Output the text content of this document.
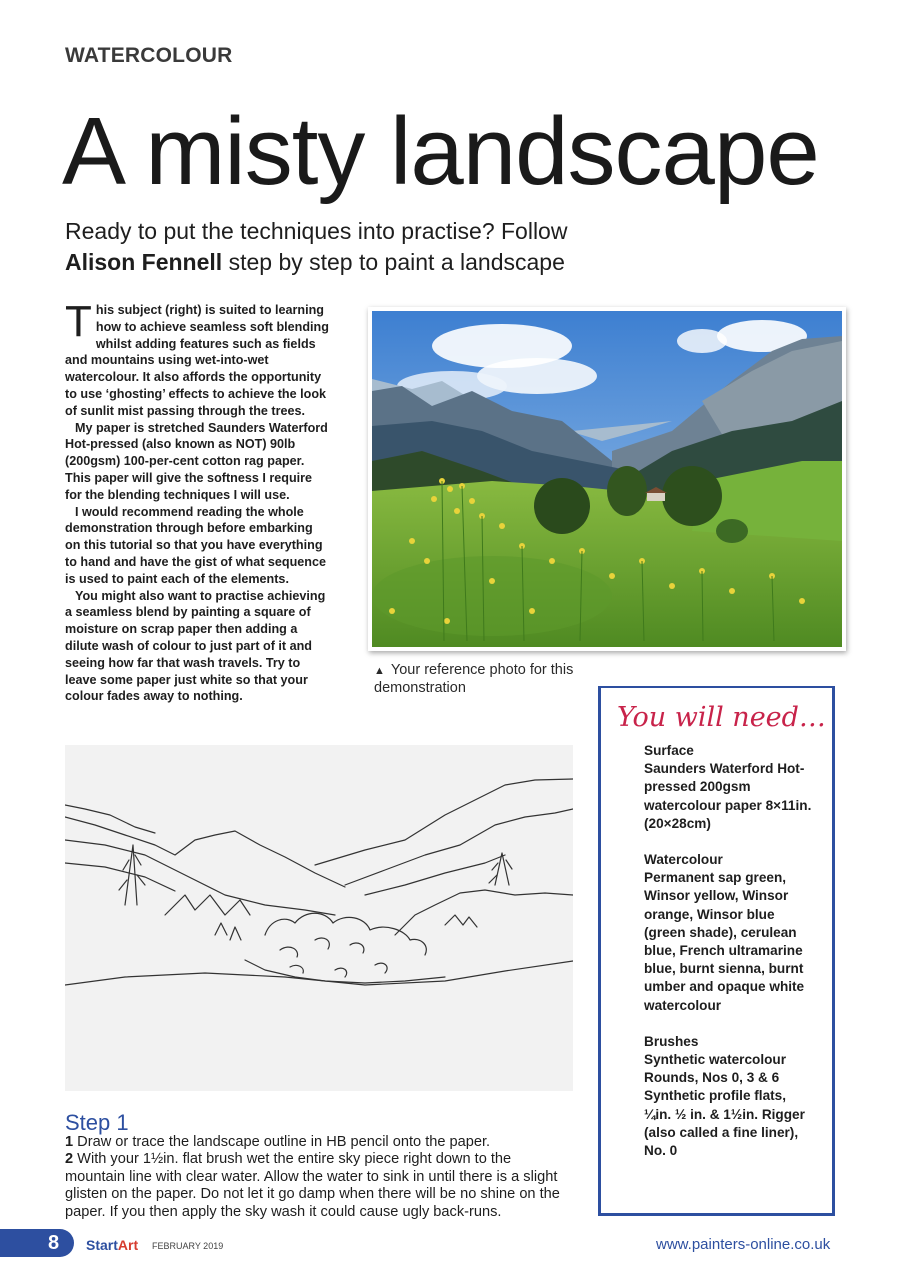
WATERCOLOUR
A misty landscape
Ready to put the techniques into practise? Follow
Alison Fennell step by step to paint a landscape

This subject (right) is suited to learning how to achieve seamless soft blending whilst adding features such as fields and mountains using wet-into-wet watercolour. It also affords the opportunity to use ‘ghosting’ effects to achieve the look of sunlit mist passing through the trees.

My paper is stretched Saunders Waterford Hot-pressed (also known as NOT) 90lb (200gsm) 100-per-cent cotton rag paper. This paper will give the softness I require for the blending techniques I will use.

I would recommend reading the whole demonstration through before embarking on this tutorial so that you have everything to hand and have the gist of what sequence is used to paint each of the elements.

You might also want to practise achieving a seamless blend by painting a square of moisture on scrap paper then adding a dilute wash of colour to just part of it and seeing how far that wash travels. Try to leave some paper just white so that your colour fades away to nothing.

▲ Your reference photo for this demonstration
You will need…
Surface
Saunders Waterford Hot-pressed 200gsm watercolour paper 8×11in. (20×28cm)
Watercolour
Permanent sap green, Winsor yellow, Winsor orange, Winsor blue (green shade), cerulean blue, French ultramarine blue, burnt sienna, burnt umber and opaque white watercolour
Brushes
Synthetic watercolour Rounds, Nos 0, 3 & 6 Synthetic profile flats, ¼in. ½ in. & 1½in. Rigger (also called a fine liner), No. 0
Step 1
1 Draw or trace the landscape outline in HB pencil onto the paper.
2 With your 1½in. flat brush wet the entire sky piece right down to the mountain line with clear water. Allow the water to sink in until there is a slight glisten on the paper. Do not let it go damp when there will be no shine on the paper. If you then apply the sky wash it could cause ugly back-runs.
8 StartArt FEBRUARY 2019	www.painters-online.co.uk
